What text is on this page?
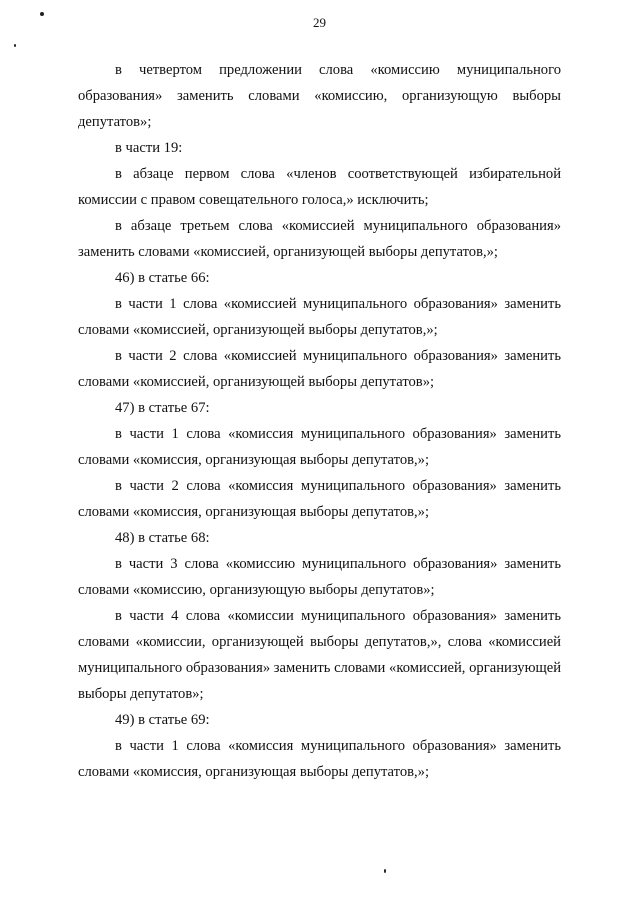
29

в четвертом предложении слова «комиссию муниципального образования» заменить словами «комиссию, организующую выборы депутатов»;

в части 19:

в абзаце первом слова «членов соответствующей избирательной комиссии с правом совещательного голоса,» исключить;

в абзаце третьем слова «комиссией муниципального образования» заменить словами «комиссией, организующей выборы депутатов,»;

46) в статье 66:

в части 1 слова «комиссией муниципального образования» заменить словами «комиссией, организующей выборы депутатов,»;

в части 2 слова «комиссией муниципального образования» заменить словами «комиссией, организующей выборы депутатов»;

47) в статье 67:

в части 1 слова «комиссия муниципального образования» заменить словами «комиссия, организующая выборы депутатов,»;

в части 2 слова «комиссия муниципального образования» заменить словами «комиссия, организующая выборы депутатов,»;

48) в статье 68:

в части 3 слова «комиссию муниципального образования» заменить словами «комиссию, организующую выборы депутатов»;

в части 4 слова «комиссии муниципального образования» заменить словами «комиссии, организующей выборы депутатов,», слова «комиссией муниципального образования» заменить словами «комиссией, организующей выборы депутатов»;

49) в статье 69:

в части 1 слова «комиссия муниципального образования» заменить словами «комиссия, организующая выборы депутатов,»;
